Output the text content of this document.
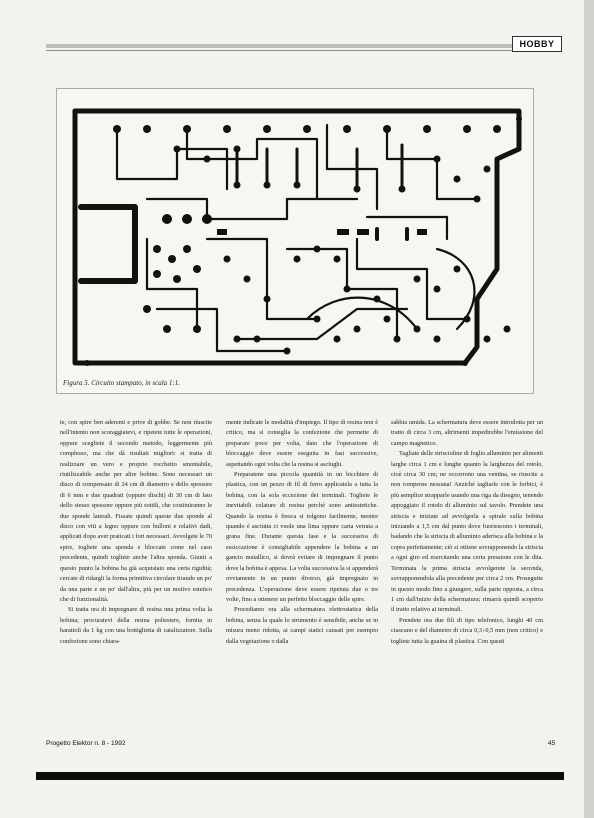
HOBBY
Figura 5. Circuito stampato, in scala 1:1.

te, con spire ben aderenti e prive di gobbe. Se non riuscite nell'intento non scoraggiatevi, e ripetete tutte le operazioni, oppure scegliete il secondo metodo, leggermente più complesso, ma che dà risultati migliori: si tratta di realizzare un vero e proprio rocchetto smontabile, riutilizzabile anche per altre bobine. Sono necessari un disco di compensato di 24 cm di diametro e dello spessore di 6 mm e due quadrati (oppure dischi) di 30 cm di lato dello stesso spessore oppure più sottili, che costituiranno le due sponde laterali. Fissate quindi queste due sponde al disco con viti a legno oppure con bulloni e relativi dadi, applicati dopo aver praticati i fori necessari. Avvolgete le 70 spire, togliete una sponda e bloccate come nel caso precedente, quindi togliete anche l'altra sponda. Giunti a questo punto la bobina ha già acquistato una certa rigidità; cercate di ridargli la forma primitiva circolare tirando un po' da una parte e un po' dall'altra, più per un motivo estetico che di funzionalità.

Si tratta ora di impregnare di resina una prima volta la bobina; procuratevi della resina poliestere, fornita in barattoli da 1 kg con una bottiglietta di catalizzatore. Sulla confezione sono chiara-

mente indicate le modalità d'impiego. Il tipo di resina non è critico, ma si consiglia la confezione che permette di preparare poco per volta, dato che l'operazione di bloccaggio deve essere eseguita in fasi successive, aspettando ogni volta che la resina si asciughi.

Preparatene una piccola quantità in un bicchiere di plastica, con un pezzo di fil di ferro applicatela a tutta la bobina, con la sola eccezione dei terminali. Togliete le inevitabili colature di resina perché sono antiestetiche. Quando la resina è fresca si tolgono facilmente, mentre quando è asciutta ci vuole una lima oppure carta vetrata a grana fine. Durante questa fase e la successiva di essiccazione è consigliabile appendere la bobina a un gancio metallico, si dovrà evitare di impregnare il punto dove la bobina è appesa. La volta successiva la si appenderà ovviamente in un punto diverso, già impregnato in precedenza. L'operazione deve essere ripetuta due o tre volte, fino a ottenere un perfetto bloccaggio delle spire.

Procediamo ora alla schermatura elettrostatica della bobina, senza la quale lo strumento è sensibile, anche se in misura meno ridotta, ai campi statici causati per esempio dalla vegetazione o dalla

sabbia umida. La schermatura deve essere introdotta per un tratto di circa 3 cm, altrimenti impedirebbe l'emissione del campo magnetico.

Tagliate delle striscioline di foglio alluminio per alimenti larghe circa 1 cm e lunghe quanto la larghezza del rotolo, cioè circa 30 cm; ne occorrono una ventina, se riuscite a non romperne nessuna! Anziché tagliarle con le forbici, è più semplice strapparle usando una riga da disegno, tenendo appoggiato il rotolo di alluminio sul tavolo. Prendete una striscia e iniziate ad avvolgerla a spirale sulla bobina iniziando a 1,5 cm dal punto dove fuoriescono i terminali, badando che la striscia di alluminio aderisca alla bobina e la copra perfettamente; ciò si ottiene sovrapponendo la striscia a ogni giro ed esercitando una certa pressione con le dita. Terminata la prima striscia avvolgerete la seconda, sovrapponendola alla precedente per circa 2 cm. Proseguite in questo modo fino a giungere, sulla parte opposta, a circa 1 cm dall'inizio della schermatura; rimarrà quindi scoperto il tratto relativo ai terminali.

Prendete ora due fili di tipo telefonico, lunghi 40 cm ciascuno e del diametro di circa 0,3÷0,5 mm (non critico) e togliete tutta la guaina di plastica. Con questi

Progetto Elektor n. 8 - 1992	45
